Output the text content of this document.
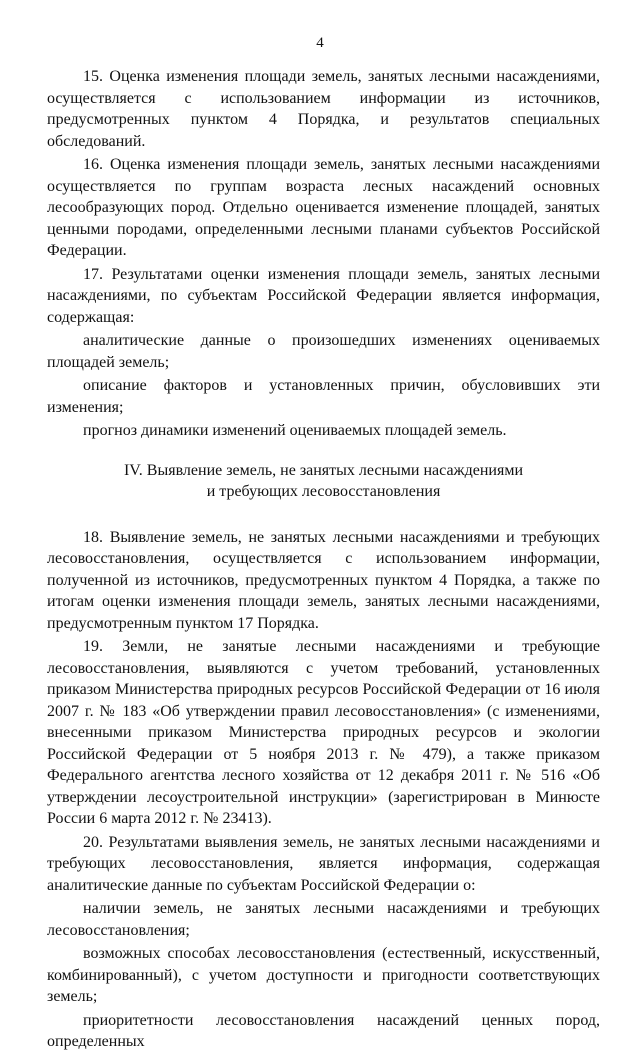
4

15. Оценка изменения площади земель, занятых лесными насаждениями, осуществляется с использованием информации из источников, предусмотренных пунктом 4 Порядка, и результатов специальных обследований.

16. Оценка изменения площади земель, занятых лесными насаждениями осуществляется по группам возраста лесных насаждений основных лесообразующих пород. Отдельно оценивается изменение площадей, занятых ценными породами, определенными лесными планами субъектов Российской Федерации.

17. Результатами оценки изменения площади земель, занятых лесными насаждениями, по субъектам Российской Федерации является информация, содержащая:

аналитические данные о произошедших изменениях оцениваемых площадей земель;

описание факторов и установленных причин, обусловивших эти изменения;

прогноз динамики изменений оцениваемых площадей земель.

IV. Выявление земель, не занятых лесными насаждениями
и требующих лесовосстановления

18. Выявление земель, не занятых лесными насаждениями и требующих лесовосстановления, осуществляется с использованием информации, полученной из источников, предусмотренных пунктом 4 Порядка, а также по итогам оценки изменения площади земель, занятых лесными насаждениями, предусмотренным пунктом 17 Порядка.

19. Земли, не занятые лесными насаждениями и требующие лесовосстановления, выявляются с учетом требований, установленных приказом Министерства природных ресурсов Российской Федерации от 16 июля 2007 г. № 183 «Об утверждении правил лесовосстановления» (с изменениями, внесенными приказом Министерства природных ресурсов и экологии Российской Федерации от 5 ноября 2013 г. № 479), а также приказом Федерального агентства лесного хозяйства от 12 декабря 2011 г. № 516 «Об утверждении лесоустроительной инструкции» (зарегистрирован в Минюсте России 6 марта 2012 г. № 23413).

20. Результатами выявления земель, не занятых лесными насаждениями и требующих лесовосстановления, является информация, содержащая аналитические данные по субъектам Российской Федерации о:

наличии земель, не занятых лесными насаждениями и требующих лесовосстановления;

возможных способах лесовосстановления (естественный, искусственный, комбинированный), с учетом доступности и пригодности соответствующих земель;

приоритетности лесовосстановления насаждений ценных пород, определенных
